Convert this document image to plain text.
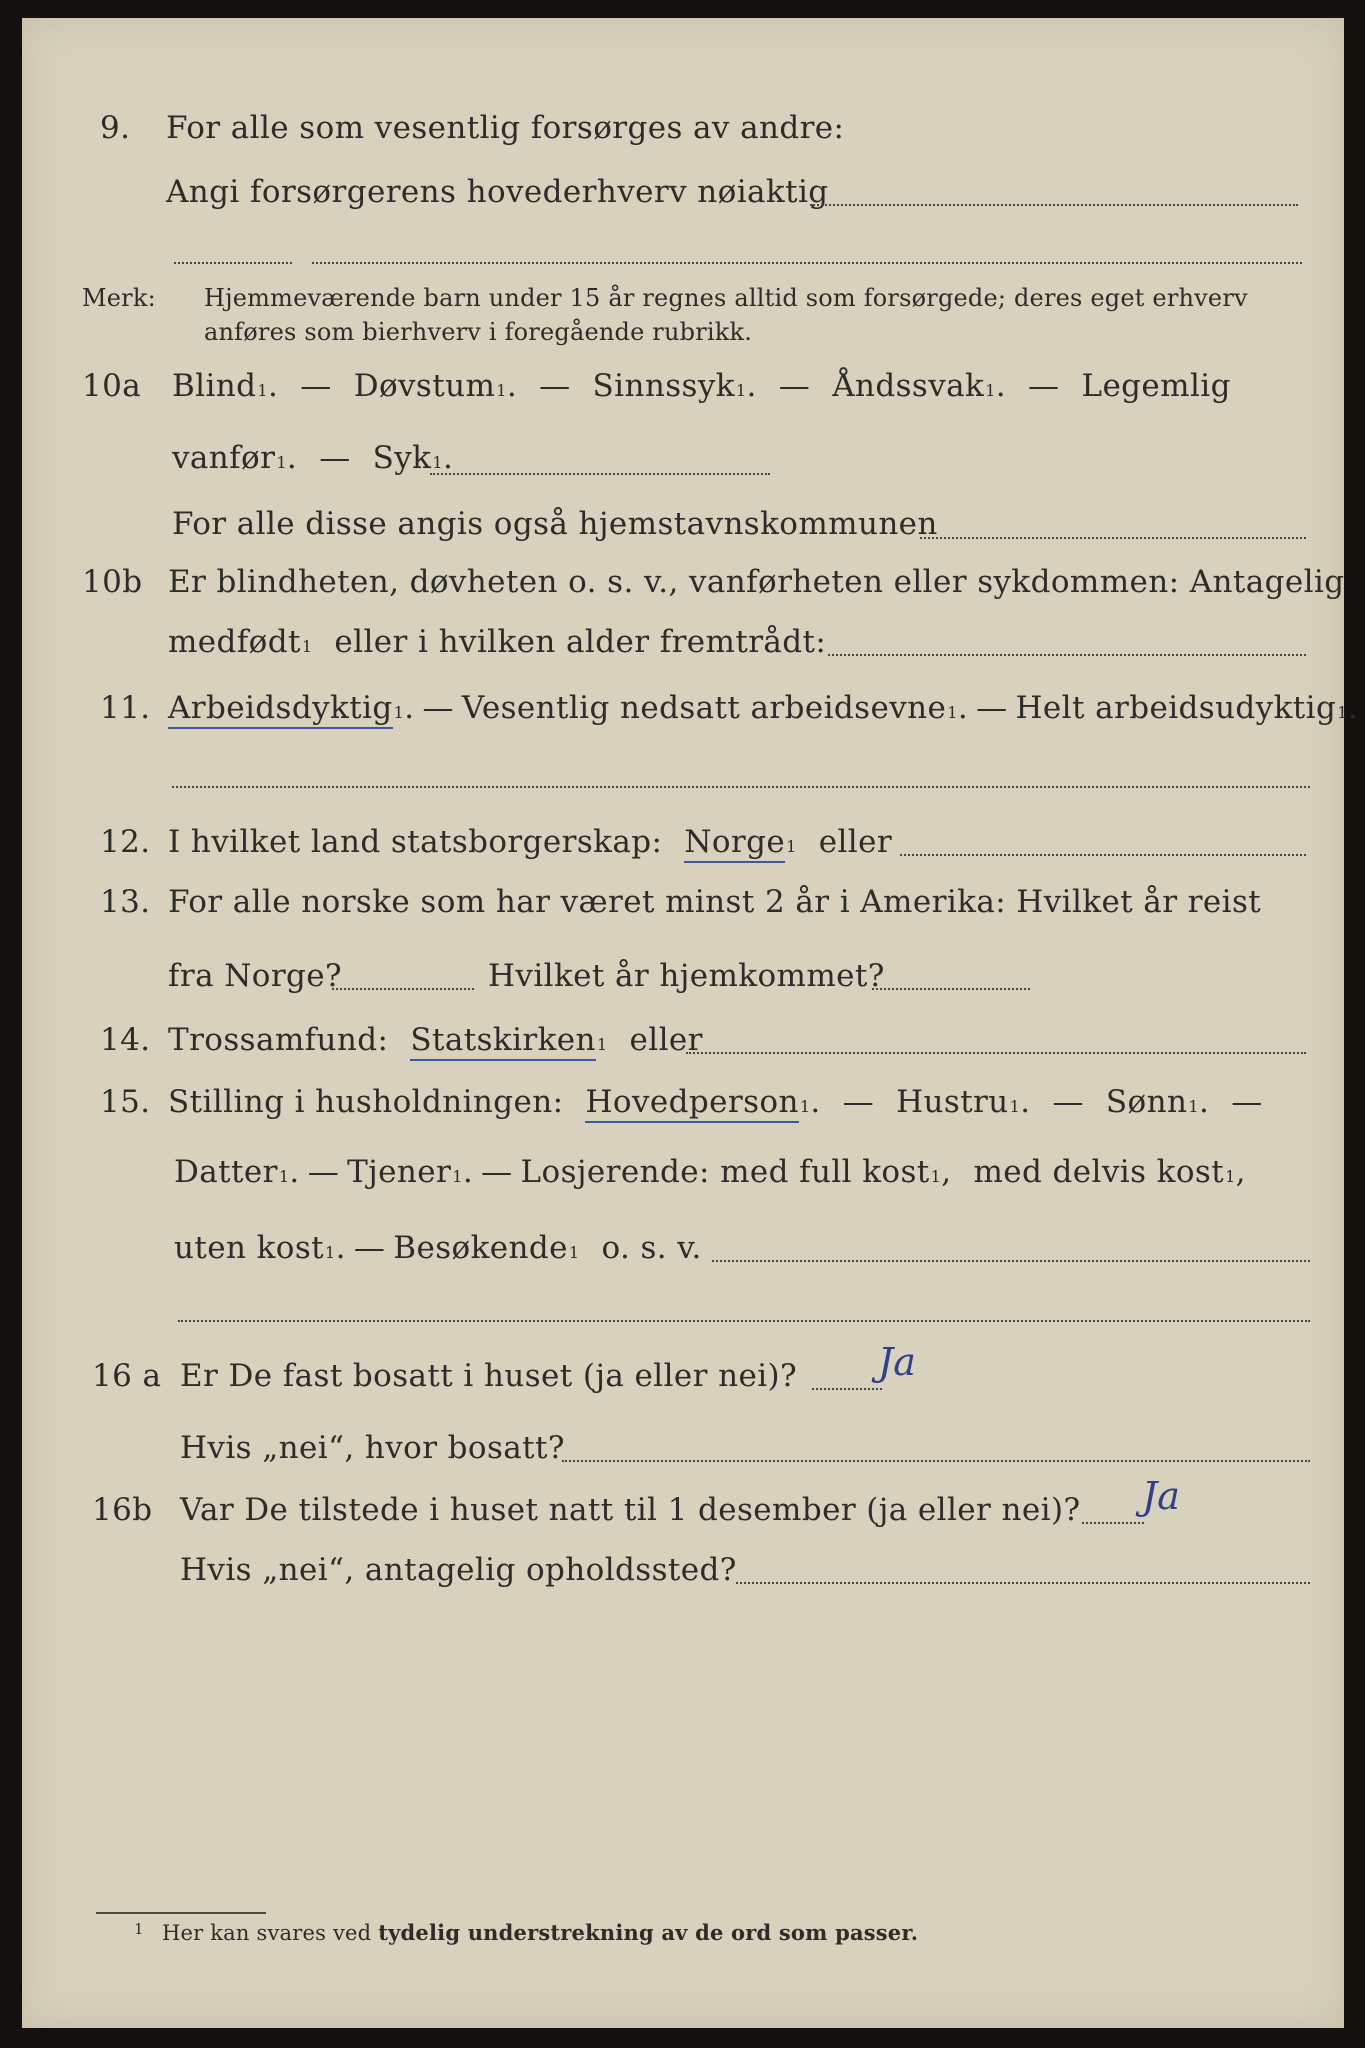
9. For alle som vesentlig forsørges av andre:
Angi forsørgerens hovederhverv nøiaktig
Merk: Hjemmeværende barn under 15 år regnes alltid som forsørgede; deres eget erhverv
anføres som bierhverv i foregående rubrikk.
10a Blind 1 . — Døvstum 1 . — Sinnssyk 1 . — Åndssvak 1 . — Legemlig
vanfør 1 . — Syk 1 .
For alle disse angis også hjemstavnskommunen
10b Er blindheten, døvheten o. s. v., vanførheten eller sykdommen: Antagelig
medfødt 1 eller i hvilken alder fremtrådt:
11. Arbeidsdyktig 1 . — Vesentlig nedsatt arbeidsevne 1 . — Helt arbeidsudyktig 1 .
12. I hvilket land statsborgerskap: Norge 1 eller
13. For alle norske som har været minst 2 år i Amerika: Hvilket år reist
fra Norge?	Hvilket år hjemkommet?
14. Trossamfund: Statskirken 1 eller
15. Stilling i husholdningen: Hovedperson 1 . — Hustru 1 . — Sønn 1 . —
Datter 1 . — Tjener 1 . — Losjerende: med full kost 1 , med delvis kost 1 ,
uten kost 1 . — Besøkende 1 o. s. v.
16 a Er De fast bosatt i huset (ja eller nei)? Ja
Hvis „nei“, hvor bosatt?
16b Var De tilstede i huset natt til 1 desember (ja eller nei)? Ja
Hvis „nei“, antagelig opholdssted?
1 Her kan svares ved
tydelig understrekning av de ord som passer.
